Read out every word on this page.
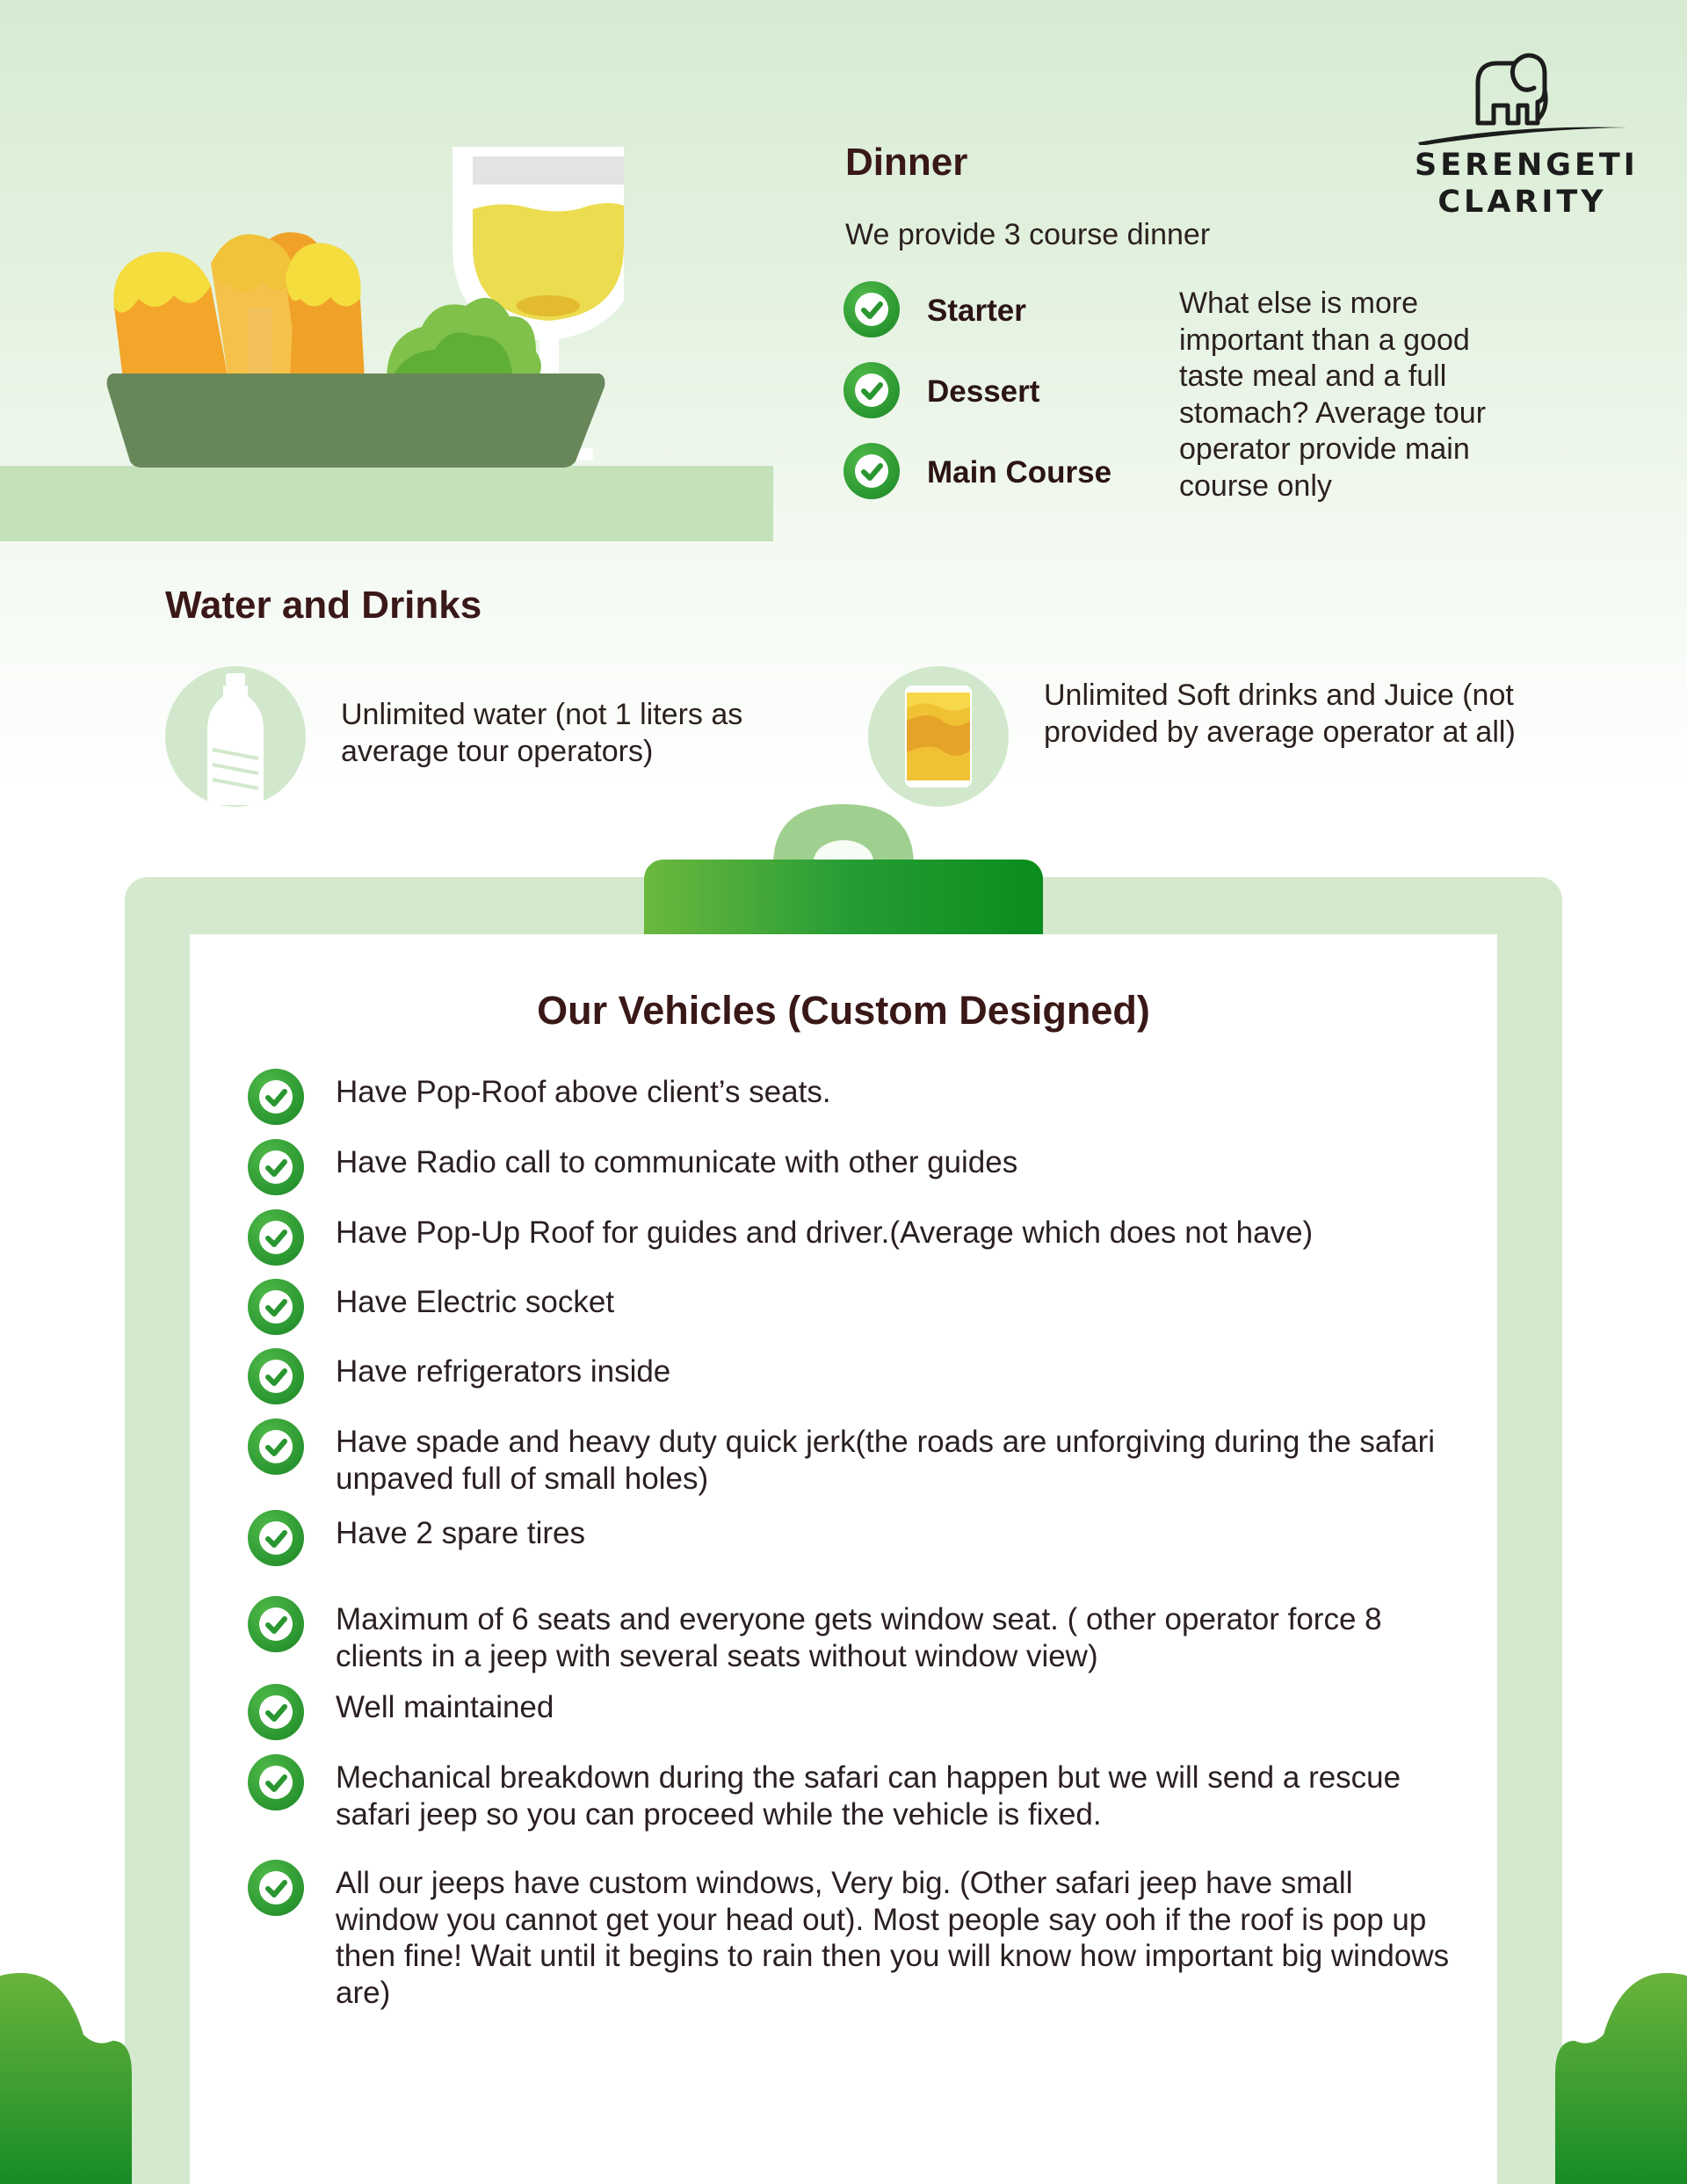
SERENGETI
CLARITY
Dinner
We provide 3 course dinner
Starter
Dessert
Main Course
What else is more important than a good taste meal and a full stomach? Average tour operator provide main course only
Water and Drinks
Unlimited water (not 1 liters as average tour operators)
Unlimited Soft drinks and Juice (not provided by average operator at all)
Our Vehicles (Custom Designed)
Have Pop-Roof above client’s seats.
Have Radio call to communicate with other guides
Have Pop-Up Roof for guides and driver.(Average which does not have)
Have Electric socket
Have refrigerators inside
Have spade and heavy duty quick jerk(the roads are unforgiving during the safari unpaved full of small holes)
Have 2 spare tires
Maximum of 6 seats and everyone gets window seat. ( other operator force 8 clients in a jeep with several seats without window view)
Well maintained
Mechanical breakdown during the safari can happen but we will send a rescue safari jeep so you can proceed while the vehicle is fixed.
All our jeeps have custom windows, Very big. (Other safari jeep have small window you cannot get your head out). Most people say ooh if the roof is pop up then fine! Wait until it begins to rain then you will know how important big windows are)
